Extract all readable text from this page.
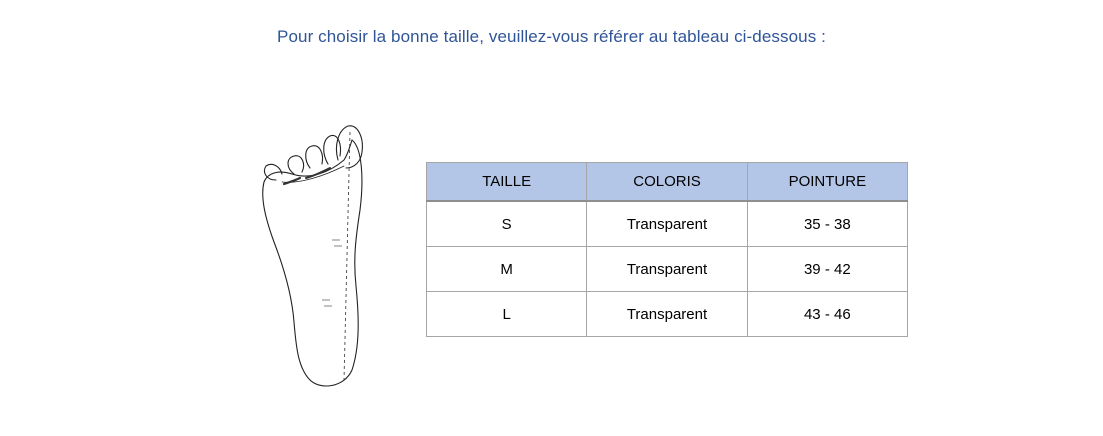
Pour choisir la bonne taille, veuillez-vous référer au tableau ci-dessous :
TAILLE	COLORIS	POINTURE
S	Transparent	35 - 38
M	Transparent	39 - 42
L	Transparent	43 - 46
